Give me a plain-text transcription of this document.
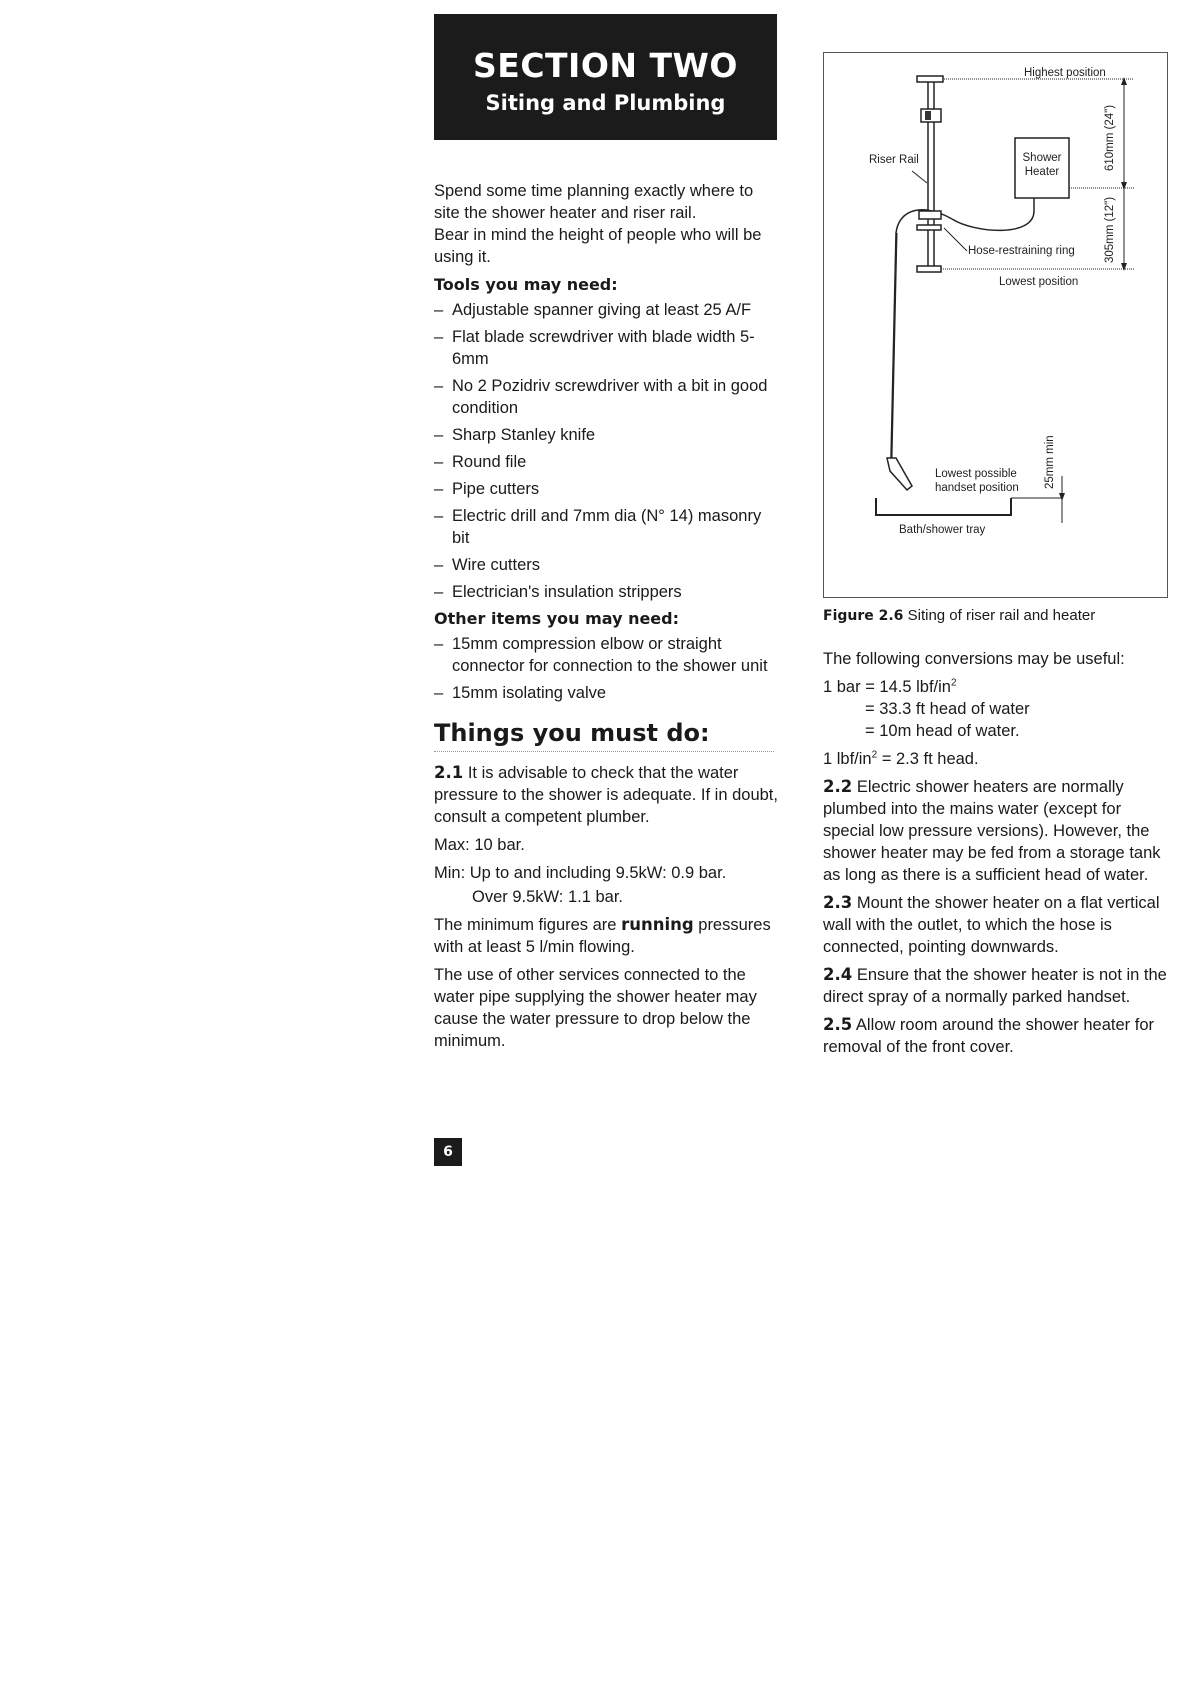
SECTION TWO
Siting and Plumbing

Spend some time planning exactly where to site the shower heater and riser rail.

Bear in mind the height of people who will be using it.

Tools you may need:
– Adjustable spanner giving at least 25 A/F
– Flat blade screwdriver with blade width 5-6mm
– No 2 Pozidriv screwdriver with a bit in good condition
– Sharp Stanley knife
– Round file
– Pipe cutters
– Electric drill and 7mm dia (N° 14) masonry bit
– Wire cutters
– Electrician's insulation strippers
Other items you may need:
– 15mm compression elbow or straight connector for connection to the shower unit
– 15mm isolating valve
Things you must do:

2.1 It is advisable to check that the water pressure to the shower is adequate. If in doubt, consult a competent plumber.

Max: 10 bar.

Min: Up to and including 9.5kW: 0.9 bar.

Over 9.5kW: 1.1 bar.

The minimum figures are running pressures with at least 5 l/min flowing.

The use of other services connected to the water pipe supplying the shower heater may cause the water pressure to drop below the minimum.

Highest position
Riser Rail	Shower
Heater
Hose-restraining ring
Lowest position
610mm (24")
305mm (12")
Lowest possible
handset position 25mm min
Bath/shower tray
Figure 2.6 Siting of riser rail and heater
The following conversions may be useful:
1 bar = 14.5 lbf/$in^2$
= 33.3 ft head of water
= 10m head of water.
1 lbf/$in^2 = 2.3$ ft head.

2.2 Electric shower heaters are normally plumbed into the mains water (except for special low pressure versions). However, the shower heater may be fed from a storage tank as long as there is a sufficient head of water.

2.3 Mount the shower heater on a flat vertical wall with the outlet, to which the hose is connected, pointing downwards.

2.4 Ensure that the shower heater is not in the direct spray of a normally parked handset.

2.5 Allow room around the shower heater for removal of the front cover.

6
